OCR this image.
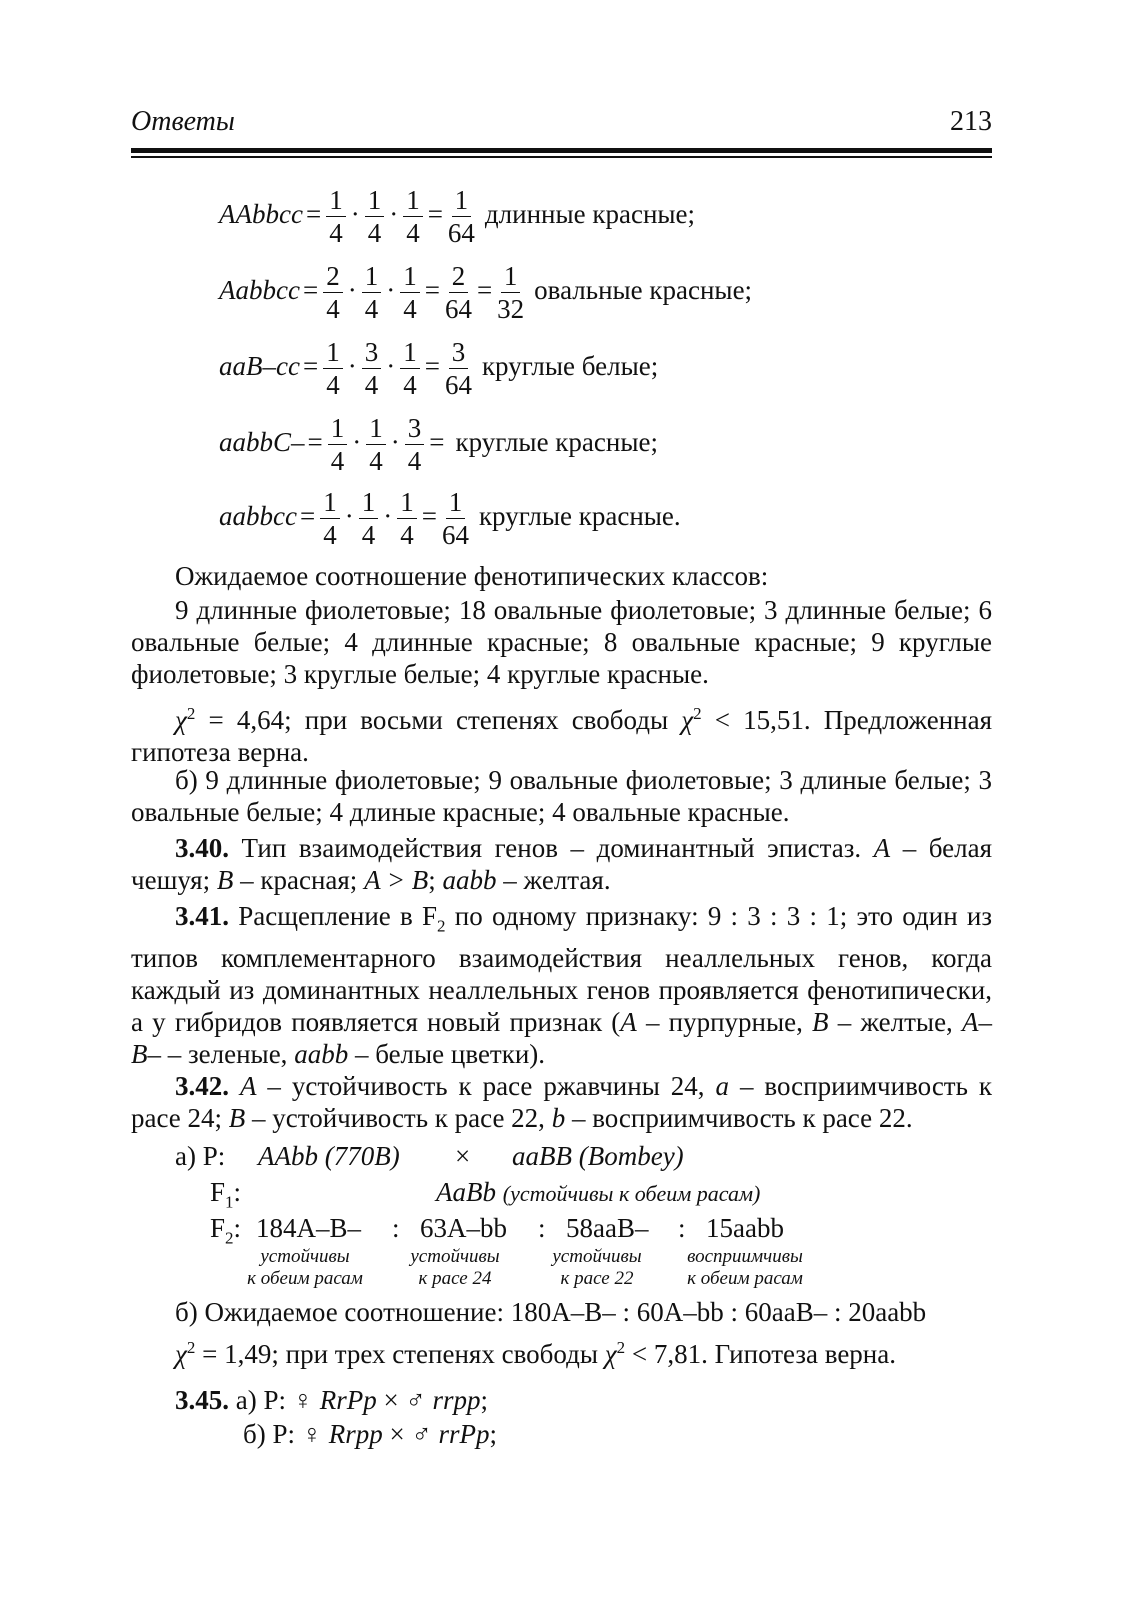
Ответы	213
AAbbcc = $\frac{1}{4} \cdot \frac{1}{4} \cdot \frac{1}{4} = \frac{1}{64}$ длинные красные;
Aabbcc = $\frac{2}{4} \cdot \frac{1}{4} \cdot \frac{1}{4} = \frac{2}{64} = \frac{1}{32}$ овальные красные;
$aaB-cc = \frac{1}{4} \cdot \frac{3}{4} \cdot \frac{1}{4} = \frac{3}{64}$ круглые белые;
aabbC– = $\frac{1}{4} \cdot \frac{1}{4} \cdot \frac{3}{4}$ = круглые красные;
aabbcc = $\frac{1}{4} \cdot \frac{1}{4} \cdot \frac{1}{4} = \frac{1}{64}$ круглые красные.
Ожидаемое соотношение фенотипических классов:
9 длинные фиолетовые; 18 овальные фиолетовые; 3 длинные белые; 6 овальные белые; 4 длинные красные; 8 овальные красные; 9 круглые фиолетовые; 3 круглые белые; 4 круглые красные.
$\chi^2 = 4,64$; при восьми степенях свободы $\chi^2 < 15,51$. Предложенная гипотеза верна.
б) 9 длинные фиолетовые; 9 овальные фиолетовые; 3 длиные белые; 3 овальные белые; 4 длиные красные; 4 овальные красные.
3.40. Тип взаимодействия генов – доминантный эпистаз. A – белая чешуя; B – красная; A > B; aabb – желтая.
3.41. Расщепление в $F_2$ по одному признаку: 9 : 3 : 3 : 1; это один из типов комплементарного взаимодействия неаллельных генов, когда каждый из доминантных неаллельных генов проявляется фенотипически, а у гибридов появляется новый признак (A – пурпурные, B – желтые, A–B– – зеленые, aabb – белые цветки).
3.42. A – устойчивость к расе ржавчины 24, a – восприимчивость к расе 24; B – устойчивость к расе 22, b – восприимчивость к расе 22.
а) P: AAbb (770B) × aaBB (Bombey)
$F_1$:	AaBb (устойчивы к обеим расам)
$F_2$: 184A–B– : 63A–bb : 58aaB– : 15aabb
устойчивы
к обеим расам
устойчивы
к расе 24
устойчивы
к расе 22
восприимчивы
к обеим расам
б) Ожидаемое соотношение: 180A–B– : 60A–bb : 60aaB– : 20aabb
$\chi^2 = 1,49$; при трех степенях свободы $\chi^2 < 7,81$. Гипотеза верна.
3.45. а) P: ♀ RrPp × ♂ rrpp;
б) P: ♀ Rrpp × ♂ rrPp;
